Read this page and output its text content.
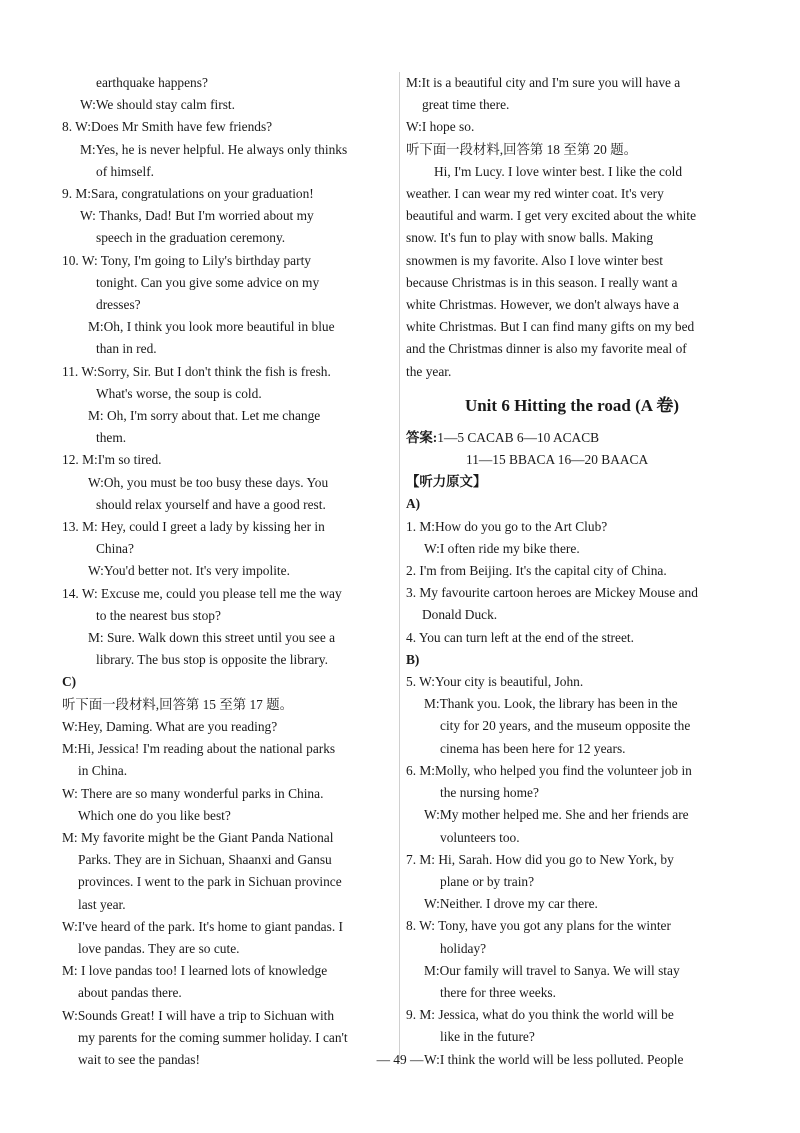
earthquake happens?

W:We should stay calm first.

8. W:Does Mr Smith have few friends?

M:Yes, he is never helpful. He always only thinks

of himself.

9. M:Sara, congratulations on your graduation!

W: Thanks, Dad! But I'm worried about my

speech in the graduation ceremony.

10. W: Tony, I'm going to Lily's birthday party

tonight. Can you give some advice on my

dresses?

M:Oh, I think you look more beautiful in blue

than in red.

11. W:Sorry, Sir. But I don't think the fish is fresh.

What's worse, the soup is cold.

M: Oh, I'm sorry about that. Let me change

them.

12. M:I'm so tired.

W:Oh, you must be too busy these days. You

should relax yourself and have a good rest.

13. M: Hey, could I greet a lady by kissing her in

China?

W:You'd better not. It's very impolite.

14. W: Excuse me, could you please tell me the way

to the nearest bus stop?

M: Sure. Walk down this street until you see a

library. The bus stop is opposite the library.

C)

听下面一段材料,回答第 15 至第 17 题。

W:Hey, Daming. What are you reading?

M:Hi, Jessica! I'm reading about the national parks

in China.

W: There are so many wonderful parks in China.

Which one do you like best?

M: My favorite might be the Giant Panda National

Parks. They are in Sichuan, Shaanxi and Gansu

provinces. I went to the park in Sichuan province

last year.

W:I've heard of the park. It's home to giant pandas. I

love pandas. They are so cute.

M: I love pandas too! I learned lots of knowledge

about pandas there.

W:Sounds Great! I will have a trip to Sichuan with

my parents for the coming summer holiday. I can't

wait to see the pandas!

M:It is a beautiful city and I'm sure you will have a

great time there.

W:I hope so.

听下面一段材料,回答第 18 至第 20 题。

Hi, I'm Lucy. I love winter best. I like the cold

weather. I can wear my red winter coat. It's very

beautiful and warm. I get very excited about the white

snow. It's fun to play with snow balls. Making

snowmen is my favorite. Also I love winter best

because Christmas is in this season. I really want a

white Christmas. However, we don't always have a

white Christmas. But I can find many gifts on my bed

and the Christmas dinner is also my favorite meal of

the year.

Unit 6 Hitting the road (A 卷)

答案:1—5 CACAB 6—10 ACACB

11—15 BBACA 16—20 BAACA

【听力原文】

A)

1. M:How do you go to the Art Club?

W:I often ride my bike there.

2. I'm from Beijing. It's the capital city of China.

3. My favourite cartoon heroes are Mickey Mouse and

Donald Duck.

4. You can turn left at the end of the street.

B)

5. W:Your city is beautiful, John.

M:Thank you. Look, the library has been in the

city for 20 years, and the museum opposite the

cinema has been here for 12 years.

6. M:Molly, who helped you find the volunteer job in

the nursing home?

W:My mother helped me. She and her friends are

volunteers too.

7. M: Hi, Sarah. How did you go to New York, by

plane or by train?

W:Neither. I drove my car there.

8. W: Tony, have you got any plans for the winter

holiday?

M:Our family will travel to Sanya. We will stay

there for three weeks.

9. M: Jessica, what do you think the world will be

like in the future?

W:I think the world will be less polluted. People

— 49 —
